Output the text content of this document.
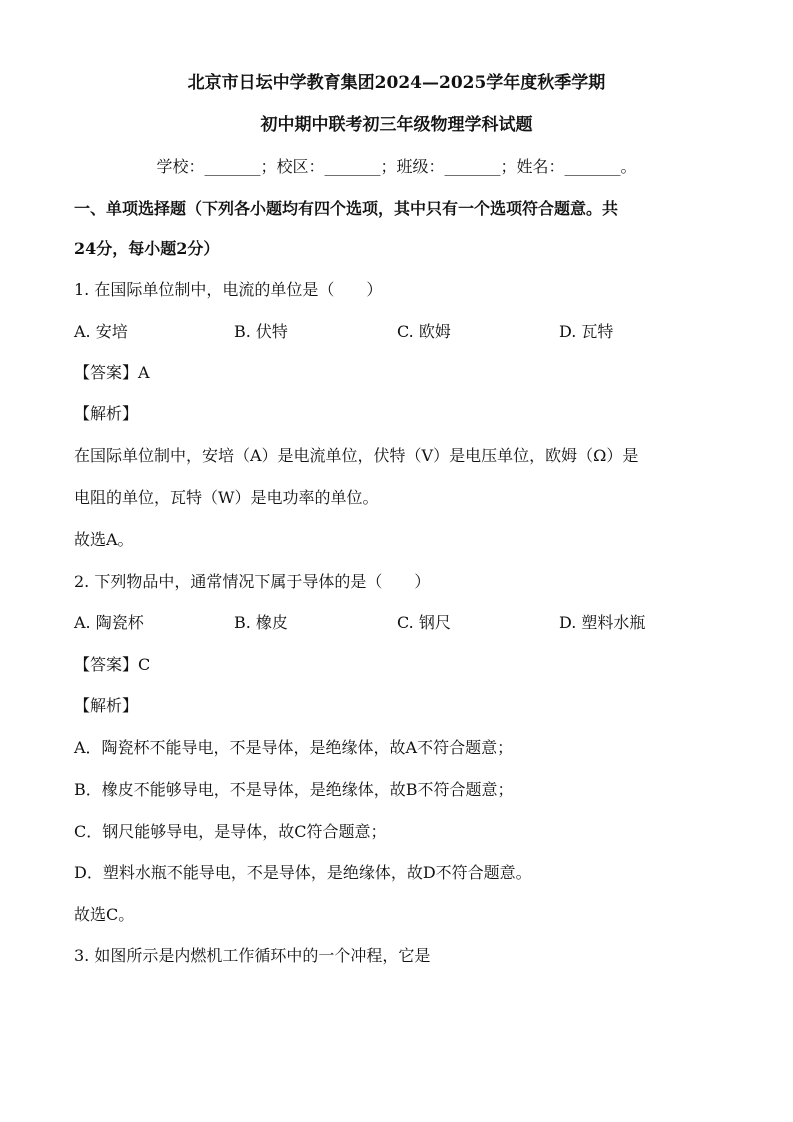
北京市日坛中学教育集团2024—2025学年度秋季学期
初中期中联考初三年级物理学科试题
学校：_______；校区：_______；班级：_______；姓名：_______。
一、单项选择题（下列各小题均有四个选项，其中只有一个选项符合题意。共
24分，每小题2分）
1. 在国际单位制中，电流的单位是（　　）
A. 安培	B. 伏特	C. 欧姆	D. 瓦特
【答案】A
【解析】
在国际单位制中，安培（A）是电流单位，伏特（V）是电压单位，欧姆（Ω）是
电阻的单位，瓦特（W）是电功率的单位。
故选A。
2. 下列物品中，通常情况下属于导体的是（　　）
A. 陶瓷杯	B. 橡皮	C. 钢尺	D. 塑料水瓶
【答案】C
【解析】
A．陶瓷杯不能导电，不是导体，是绝缘体，故A不符合题意；
B．橡皮不能够导电，不是导体，是绝缘体，故B不符合题意；
C．钢尺能够导电，是导体，故C符合题意；
D．塑料水瓶不能导电，不是导体，是绝缘体，故D不符合题意。
故选C。
3. 如图所示是内燃机工作循环中的一个冲程，它是
